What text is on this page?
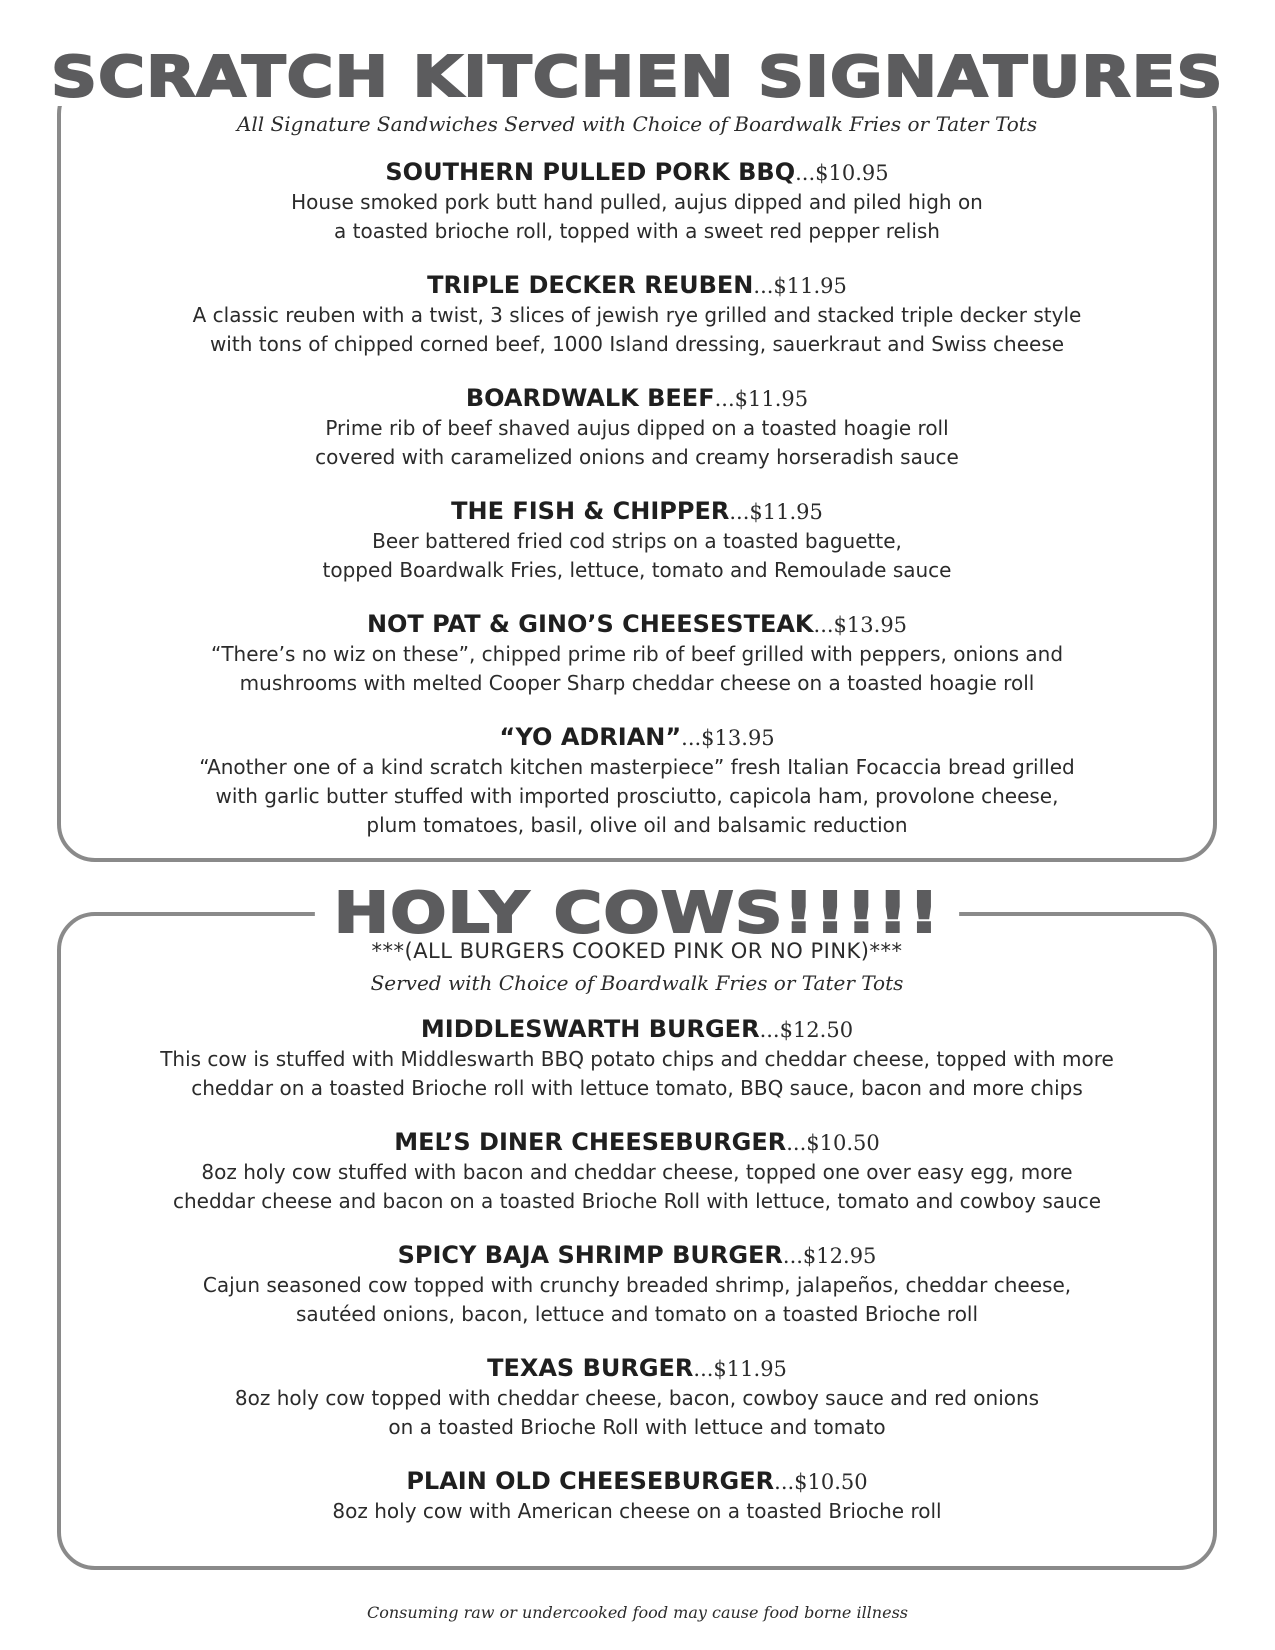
SCRATCH KITCHEN SIGNATURES
All Signature Sandwiches Served with Choice of Boardwalk Fries or Tater Tots
SOUTHERN PULLED PORK BBQ...$10.95
House smoked pork butt hand pulled, aujus dipped and piled high on
a toasted brioche roll, topped with a sweet red pepper relish
TRIPLE DECKER REUBEN...$11.95
A classic reuben with a twist, 3 slices of jewish rye grilled and stacked triple decker style
with tons of chipped corned beef, 1000 Island dressing, sauerkraut and Swiss cheese
BOARDWALK BEEF...$11.95
Prime rib of beef shaved aujus dipped on a toasted hoagie roll
covered with caramelized onions and creamy horseradish sauce
THE FISH & CHIPPER...$11.95
Beer battered fried cod strips on a toasted baguette,
topped Boardwalk Fries, lettuce, tomato and Remoulade sauce
NOT PAT & GINO’S CHEESESTEAK...$13.95
“There’s no wiz on these”, chipped prime rib of beef grilled with peppers, onions and
mushrooms with melted Cooper Sharp cheddar cheese on a toasted hoagie roll
“YO ADRIAN”...$13.95
“Another one of a kind scratch kitchen masterpiece” fresh Italian Focaccia bread grilled
with garlic butter stuffed with imported prosciutto, capicola ham, provolone cheese,
plum tomatoes, basil, olive oil and balsamic reduction
HOLY COWS!!!!!
***(ALL BURGERS COOKED PINK OR NO PINK)***
Served with Choice of Boardwalk Fries or Tater Tots
MIDDLESWARTH BURGER...$12.50
This cow is stuffed with Middleswarth BBQ potato chips and cheddar cheese, topped with more
cheddar on a toasted Brioche roll with lettuce tomato, BBQ sauce, bacon and more chips
MEL’S DINER CHEESEBURGER...$10.50
8oz holy cow stuffed with bacon and cheddar cheese, topped one over easy egg, more
cheddar cheese and bacon on a toasted Brioche Roll with lettuce, tomato and cowboy sauce
SPICY BAJA SHRIMP BURGER...$12.95
Cajun seasoned cow topped with crunchy breaded shrimp, jalapeños, cheddar cheese,
sautéed onions, bacon, lettuce and tomato on a toasted Brioche roll
TEXAS BURGER...$11.95
8oz holy cow topped with cheddar cheese, bacon, cowboy sauce and red onions
on a toasted Brioche Roll with lettuce and tomato
PLAIN OLD CHEESEBURGER...$10.50
8oz holy cow with American cheese on a toasted Brioche roll
Consuming raw or undercooked food may cause food borne illness
